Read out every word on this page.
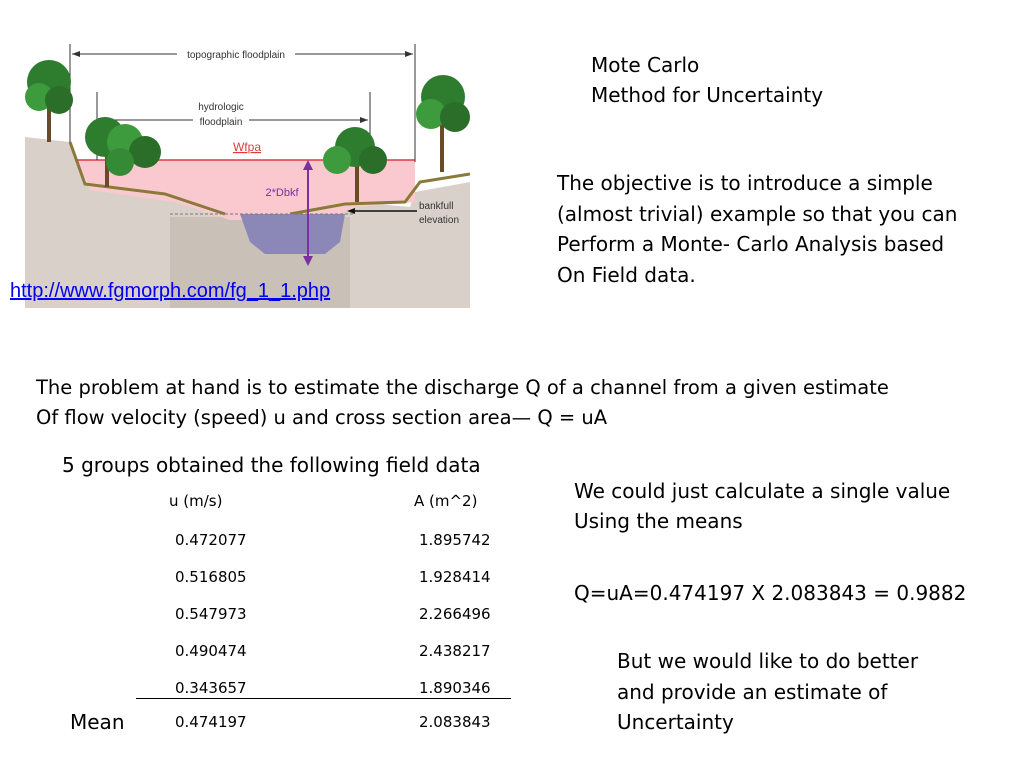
topographic floodplain
hydrologic
floodplain
Wfpa
2*Dbkf
bankfull
elevation
http://www.fgmorph.com/fg_1_1.php
Mote Carlo
Method for Uncertainty
The objective is to introduce a simple
(almost trivial) example so that you can
Perform a Monte- Carlo Analysis based
On Field data.
The problem at hand is to estimate the discharge Q of a channel from a given estimate
Of flow velocity (speed) u and cross section area— Q = uA
5 groups obtained the following field data
u (m/s)	A (m^2)
0.472077	1.895742
0.516805	1.928414
0.547973	2.266496
0.490474	2.438217
0.343657	1.890346
Mean	0.474197	2.083843
We could just calculate a single value
Using the means
Q=uA=0.474197 X 2.083843 = 0.9882
But we would like to do better
and provide an estimate of
Uncertainty
